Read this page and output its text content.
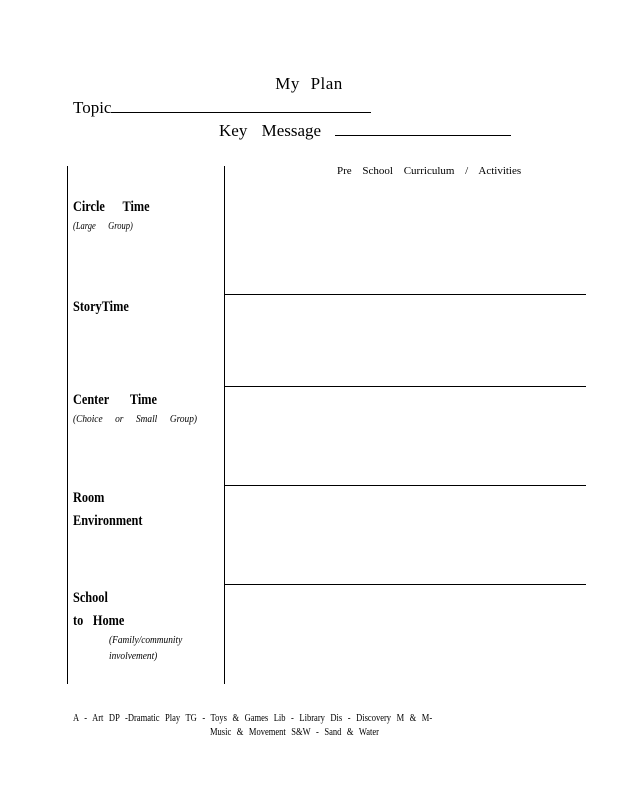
My Plan
Topic
Key Message
Pre School Curriculum / Activities
Circle Time
(Large Group)
StoryTime
Center Time
(Choice or Small Group)
Room
Environment
School
to Home
(Family/community
involvement)
A - Art DP -Dramatic Play TG - Toys & Games Lib - Library Dis - Discovery M & M-
Music & Movement S&W - Sand & Water
